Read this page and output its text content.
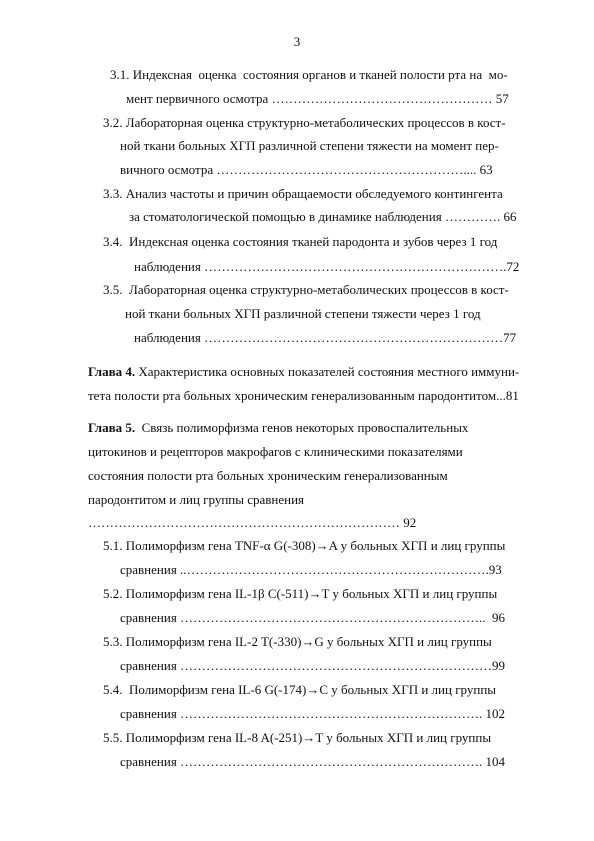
3
3.1. Индексная  оценка  состояния органов и тканей полости рта на  мо-
мент первичного осмотра …………………………………………… 57
3.2. Лабораторная оценка структурно-метаболических процессов в кост-
ной ткани больных ХГП различной степени тяжести на момент пер-
вичного осмотра ………………………………………………….... 63
3.3. Анализ частоты и причин обращаемости обследуемого контингента
за стоматологической помощью в динамике наблюдения …………. 66
3.4.  Индексная оценка состояния тканей пародонта и зубов через 1 год
наблюдения …………………………………………………………….72
3.5.  Лабораторная оценка структурно-метаболических процессов в кост-
ной ткани больных ХГП различной степени тяжести через 1 год
наблюдения ……………………………………………………………77
Глава 4. Характеристика основных показателей состояния местного иммуни-
тета полости рта больных хроническим генерализованным пародонтитом...81
Глава 5.  Связь полиморфизма генов некоторых провоспалительных
цитокинов и рецепторов макрофагов с клиническими показателями
состояния полости рта больных хроническим генерализованным
пародонтитом и лиц группы сравнения
……………………………………………………………… 92
5.1. Полиморфизм гена TNF-α G(-308)→A у больных ХГП и лиц группы
сравнения ..…………………………………………………………….93
5.2. Полиморфизм гена IL-1β C(-511)→T у больных ХГП и лиц группы
сравнения ……………………………………………………………..  96
5.3. Полиморфизм гена IL-2 T(-330)→G у больных ХГП и лиц группы
сравнения ………………………………………………………………99
5.4.  Полиморфизм гена IL-6 G(-174)→C у больных ХГП и лиц группы
сравнения ……………………………………………………………. 102
5.5. Полиморфизм гена IL-8 A(-251)→T у больных ХГП и лиц группы
сравнения ……………………………………………………………. 104
